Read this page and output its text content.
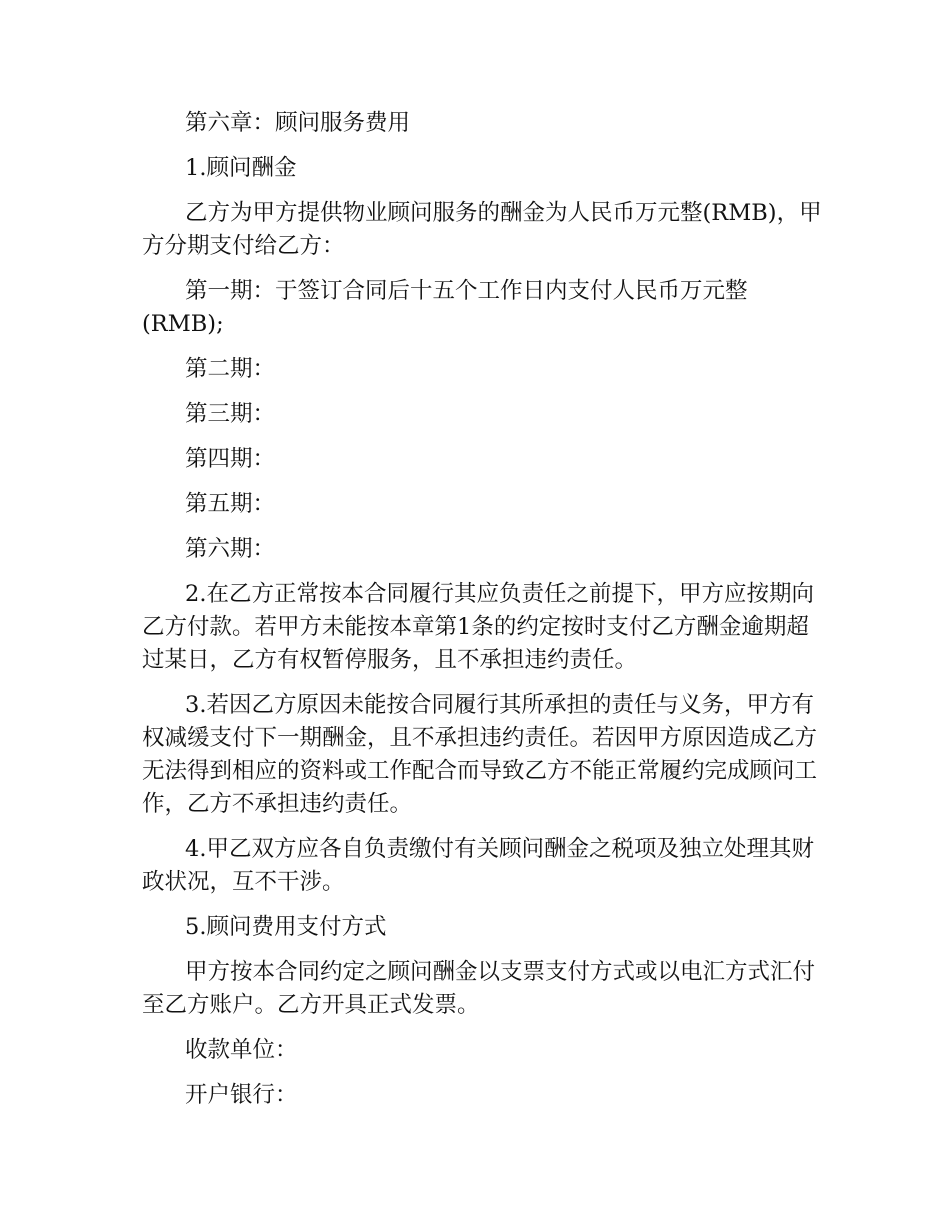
第六章：顾问服务费用

1.顾问酬金

乙方为甲方提供物业顾问服务的酬金为人民币万元整(RMB)，甲方分期支付给乙方：

第一期：于签订合同后十五个工作日内支付人民币万元整(RMB);

第二期：

第三期：

第四期：

第五期：

第六期：

2.在乙方正常按本合同履行其应负责任之前提下，甲方应按期向乙方付款。若甲方未能按本章第1条的约定按时支付乙方酬金逾期超过某日，乙方有权暂停服务，且不承担违约责任。

3.若因乙方原因未能按合同履行其所承担的责任与义务，甲方有权减缓支付下一期酬金，且不承担违约责任。若因甲方原因造成乙方无法得到相应的资料或工作配合而导致乙方不能正常履约完成顾问工作，乙方不承担违约责任。

4.甲乙双方应各自负责缴付有关顾问酬金之税项及独立处理其财政状况，互不干涉。

5.顾问费用支付方式

甲方按本合同约定之顾问酬金以支票支付方式或以电汇方式汇付至乙方账户。乙方开具正式发票。

收款单位：

开户银行：
